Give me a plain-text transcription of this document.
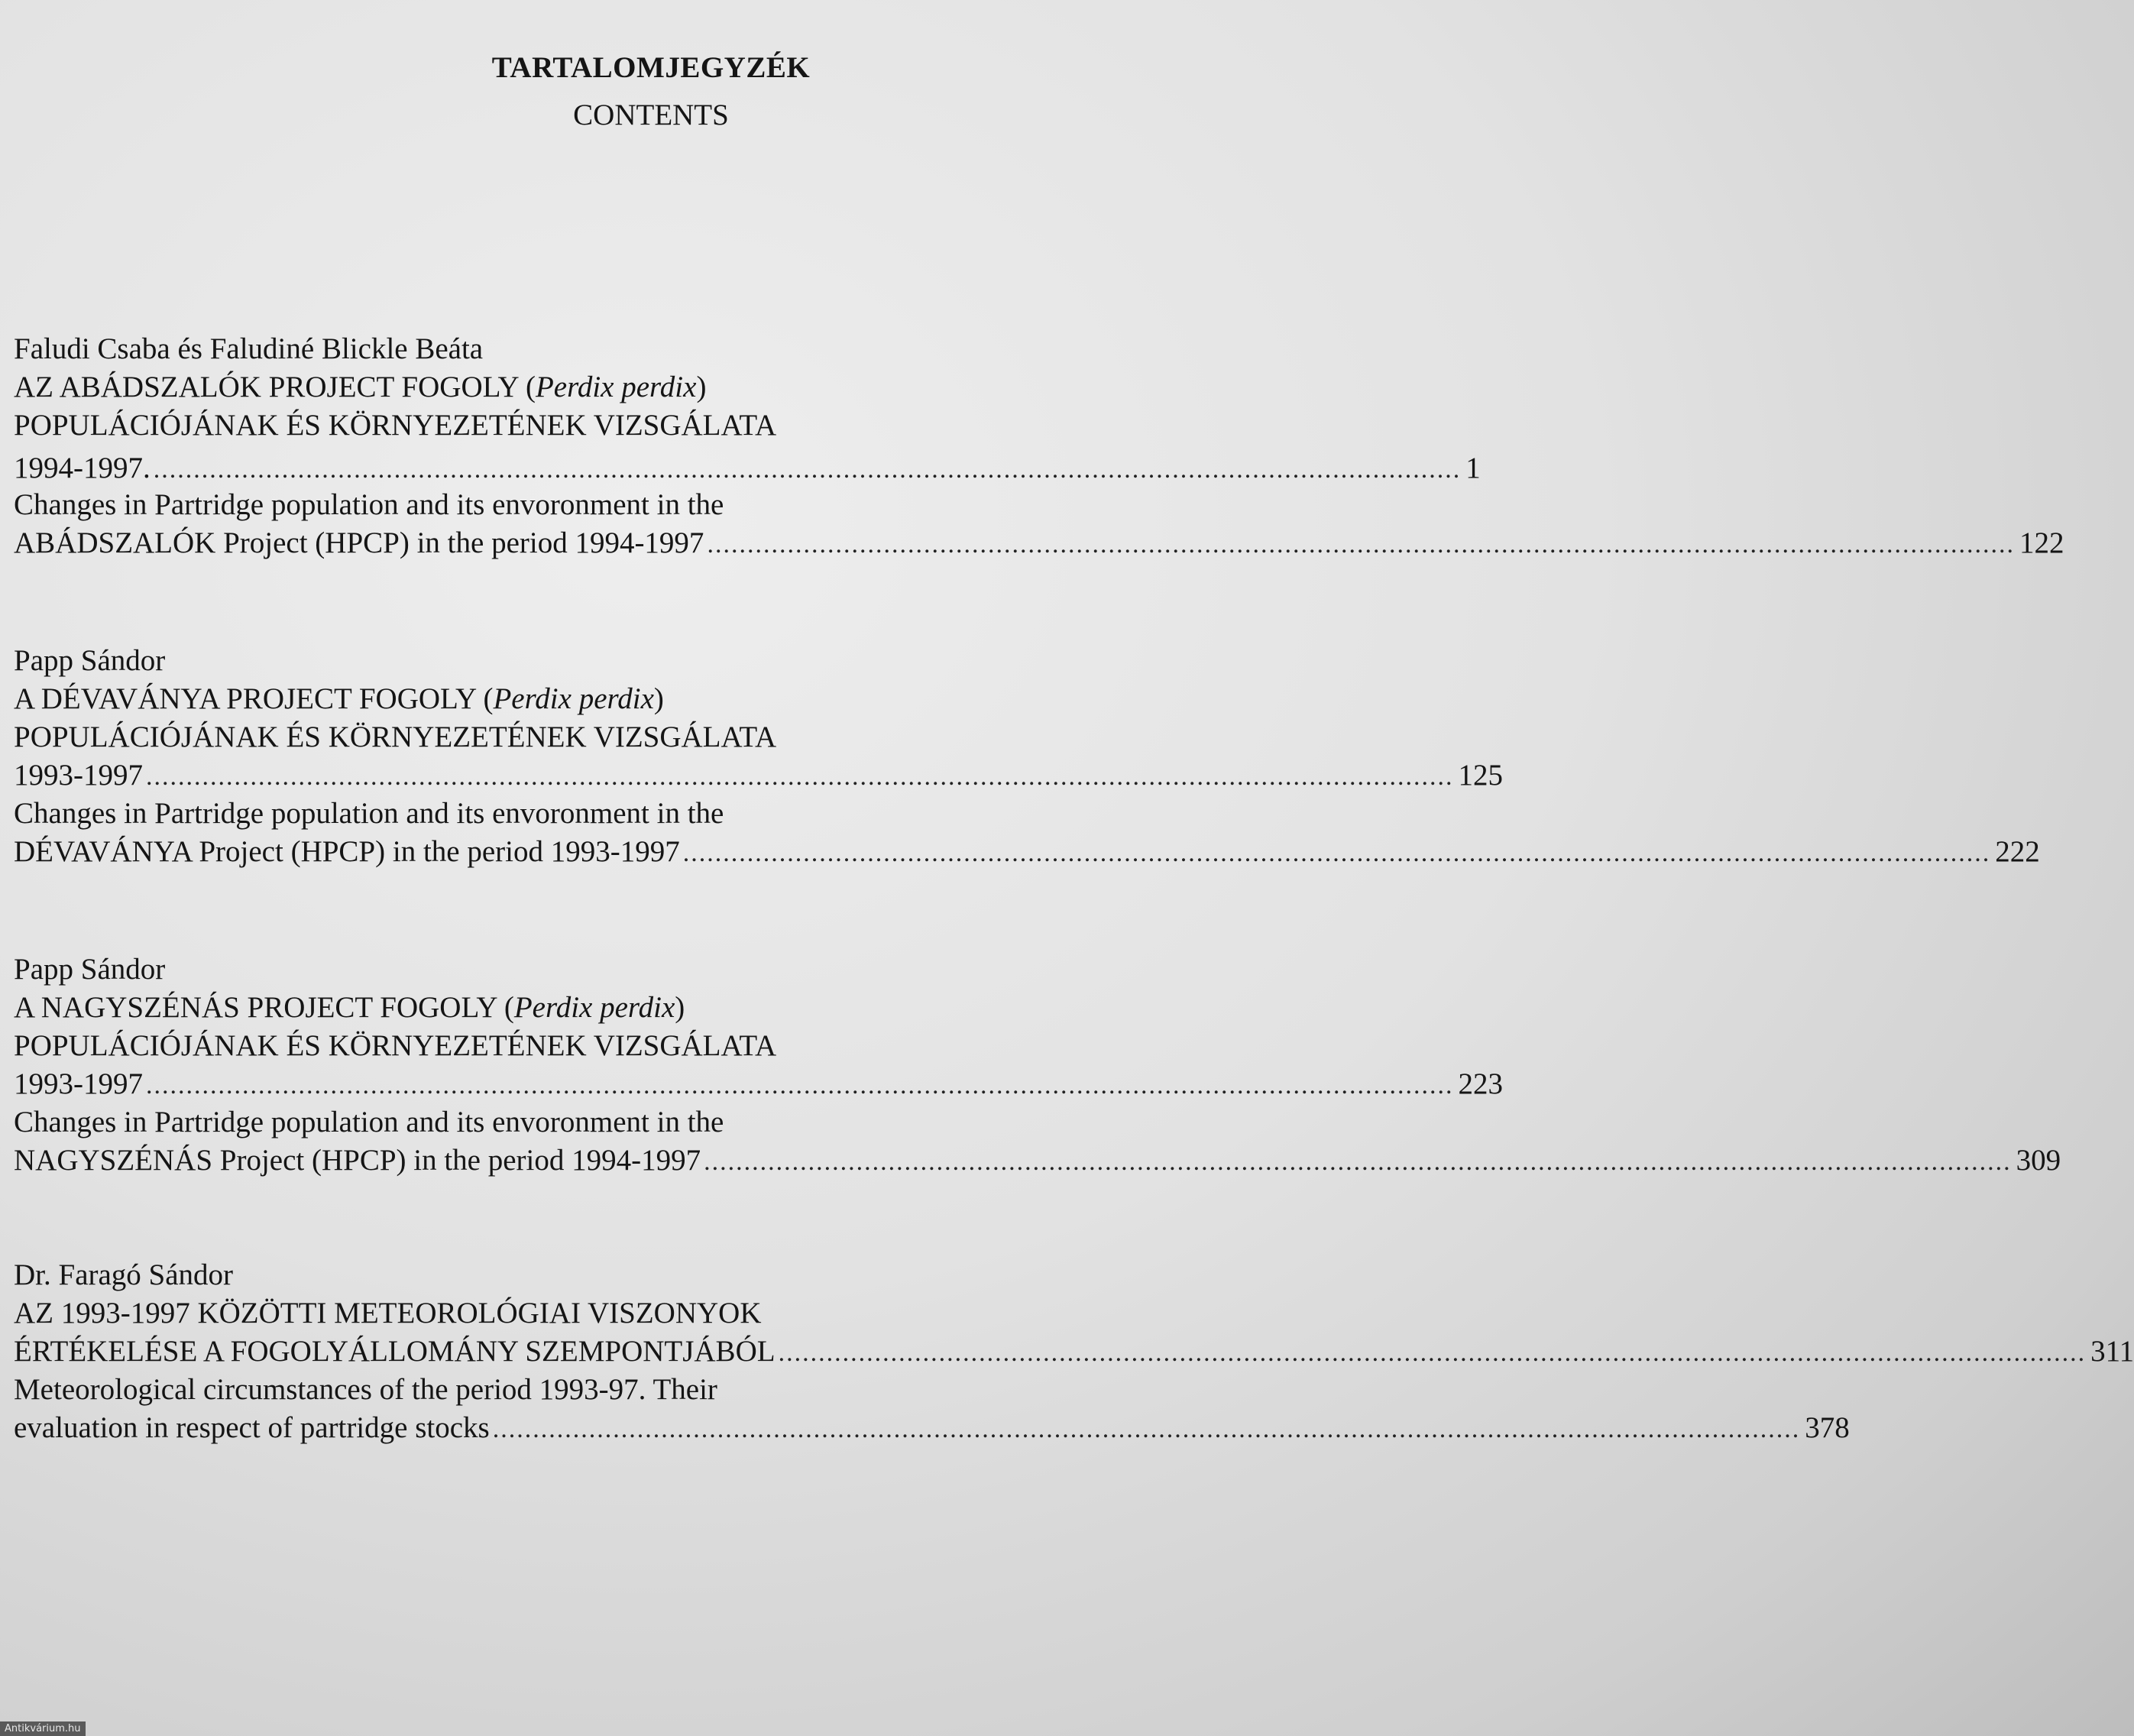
TARTALOMJEGYZÉK
CONTENTS
Faludi Csaba és Faludiné Blickle Beáta
AZ ABÁDSZALÓK PROJECT FOGOLY (Perdix perdix)
POPULÁCIÓJÁNAK ÉS KÖRNYEZETÉNEK VIZSGÁLATA
1994-1997. ................................................................................................................................................................... 1
Changes in Partridge population and its envoronment in the
ABÁDSZALÓK Project (HPCP) in the period 1994-1997 ................................................................................................................................................................... 122
Papp Sándor
A DÉVAVÁNYA PROJECT FOGOLY (Perdix perdix)
POPULÁCIÓJÁNAK ÉS KÖRNYEZETÉNEK VIZSGÁLATA
1993-1997 ................................................................................................................................................................... 125
Changes in Partridge population and its envoronment in the
DÉVAVÁNYA Project (HPCP) in the period 1993-1997 ................................................................................................................................................................... 222
Papp Sándor
A NAGYSZÉNÁS PROJECT FOGOLY (Perdix perdix)
POPULÁCIÓJÁNAK ÉS KÖRNYEZETÉNEK VIZSGÁLATA
1993-1997 ................................................................................................................................................................... 223
Changes in Partridge population and its envoronment in the
NAGYSZÉNÁS Project (HPCP) in the period 1994-1997 ................................................................................................................................................................... 309
Dr. Faragó Sándor
AZ 1993-1997 KÖZÖTTI METEOROLÓGIAI VISZONYOK
ÉRTÉKELÉSE A FOGOLYÁLLOMÁNY SZEMPONTJÁBÓL ................................................................................................................................................................... 311
Meteorological circumstances of the period 1993-97. Their
evaluation in respect of partridge stocks ................................................................................................................................................................... 378
Antikvárium.hu
